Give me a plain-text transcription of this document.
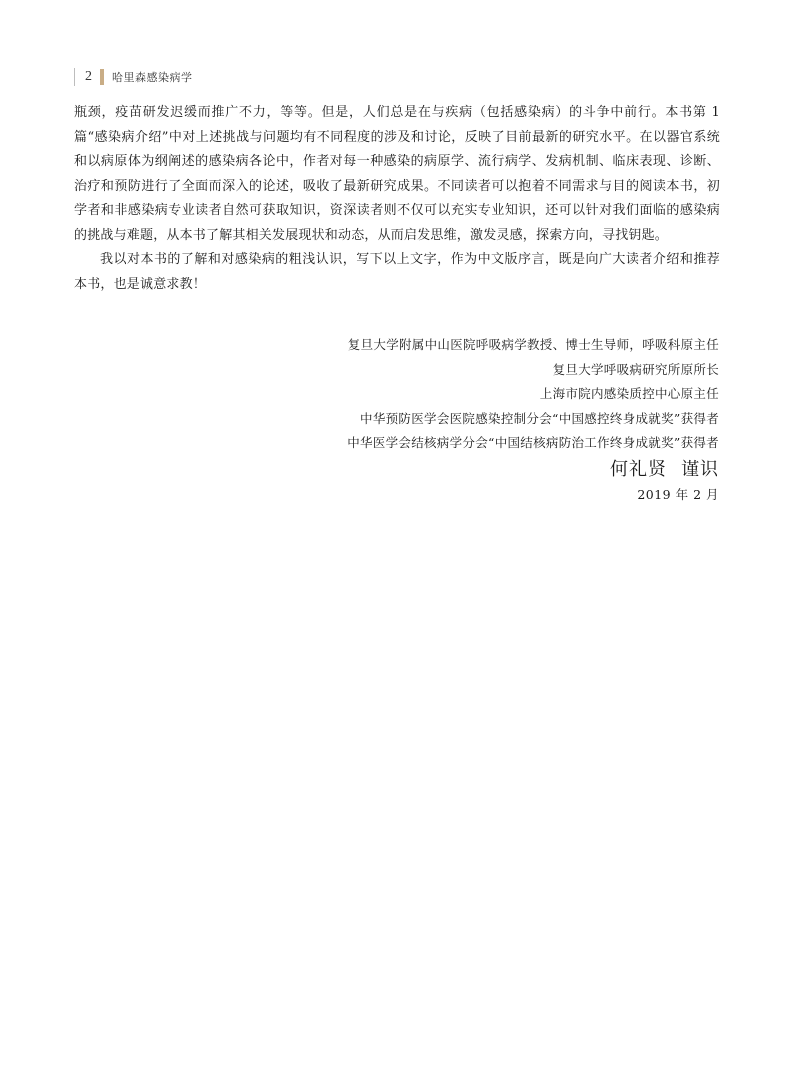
2 哈里森感染病学

瓶颈，疫苗研发迟缓而推广不力，等等。但是，人们总是在与疾病（包括感染病）的斗争中前行。本书第 1 篇“感染病介绍”中对上述挑战与问题均有不同程度的涉及和讨论，反映了目前最新的研究水平。在以器官系统和以病原体为纲阐述的感染病各论中，作者对每一种感染的病原学、流行病学、发病机制、临床表现、诊断、治疗和预防进行了全面而深入的论述，吸收了最新研究成果。不同读者可以抱着不同需求与目的阅读本书，初学者和非感染病专业读者自然可获取知识，资深读者则不仅可以充实专业知识，还可以针对我们面临的感染病的挑战与难题，从本书了解其相关发展现状和动态，从而启发思维，激发灵感，探索方向，寻找钥匙。

我以对本书的了解和对感染病的粗浅认识，写下以上文字，作为中文版序言，既是向广大读者介绍和推荐本书，也是诚意求教！

复旦大学附属中山医院呼吸病学教授、博士生导师，呼吸科原主任
复旦大学呼吸病研究所原所长
上海市院内感染质控中心原主任
中华预防医学会医院感染控制分会“中国感控终身成就奖”获得者
中华医学会结核病学分会“中国结核病防治工作终身成就奖”获得者
何礼贤 谨识
2019 年 2 月
